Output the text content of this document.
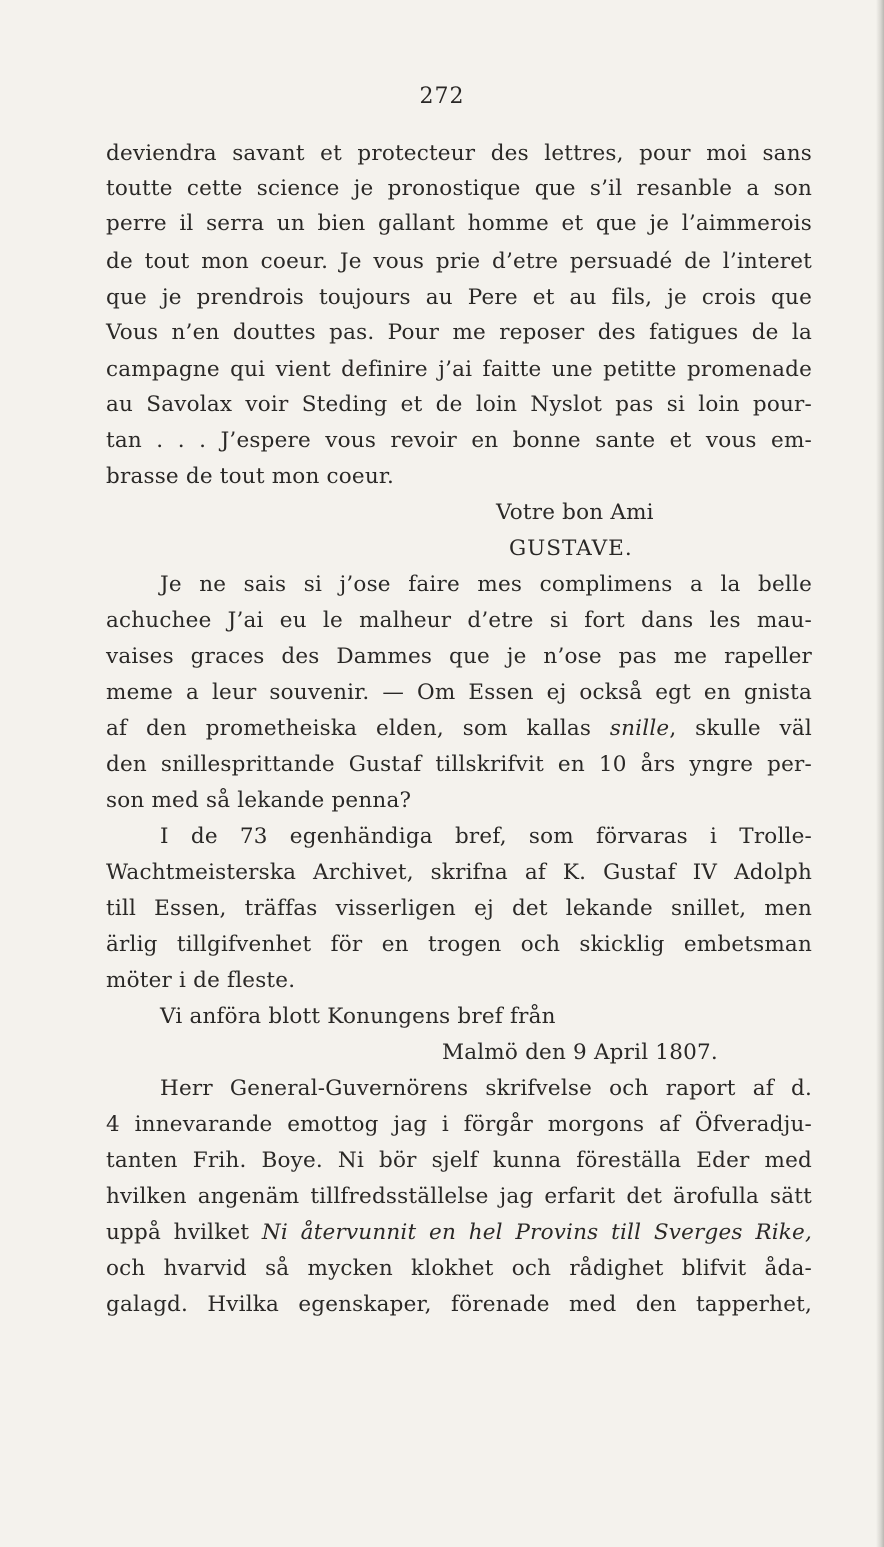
272
deviendra savant et protecteur des lettres, pour moi sans
toutte cette science je pronostique que s’il resanble a son
perre il serra un bien gallant homme et que je l’aimmerois
de tout mon coeur. Je vous prie d’etre persuadé de l’interet
que je prendrois toujours au Pere et au fils, je crois que
Vous n’en douttes pas. Pour me reposer des fatigues de la
campagne qui vient definire j’ai faitte une petitte promenade
au Savolax voir Steding et de loin Nyslot pas si loin pour-
tan . . . J’espere vous revoir en bonne sante et vous em-
brasse de tout mon coeur.
Votre bon Ami
GUSTAVE.
Je ne sais si j’ose faire mes complimens a la belle
achuchee J’ai eu le malheur d’etre si fort dans les mau-
vaises graces des Dammes que je n’ose pas me rapeller
meme a leur souvenir. — Om Essen ej också egt en gnista
af den prometheiska elden, som kallas snille, skulle väl
den snillesprittande Gustaf tillskrifvit en 10 års yngre per-
son med så lekande penna?
I de 73 egenhändiga bref, som förvaras i Trolle-
Wachtmeisterska Archivet, skrifna af K. Gustaf IV Adolph
till Essen, träffas visserligen ej det lekande snillet, men
ärlig tillgifvenhet för en trogen och skicklig embetsman
möter i de fleste.
Vi anföra blott Konungens bref från
Malmö den 9 April 1807.
Herr General-Guvernörens skrifvelse och raport af d.
4 innevarande emottog jag i förgår morgons af Öfveradju-
tanten Frih. Boye. Ni bör sjelf kunna föreställa Eder med
hvilken angenäm tillfredsställelse jag erfarit det ärofulla sätt
uppå hvilket Ni återvunnit en hel Provins till Sverges Rike,
och hvarvid så mycken klokhet och rådighet blifvit åda-
galagd. Hvilka egenskaper, förenade med den tapperhet,
